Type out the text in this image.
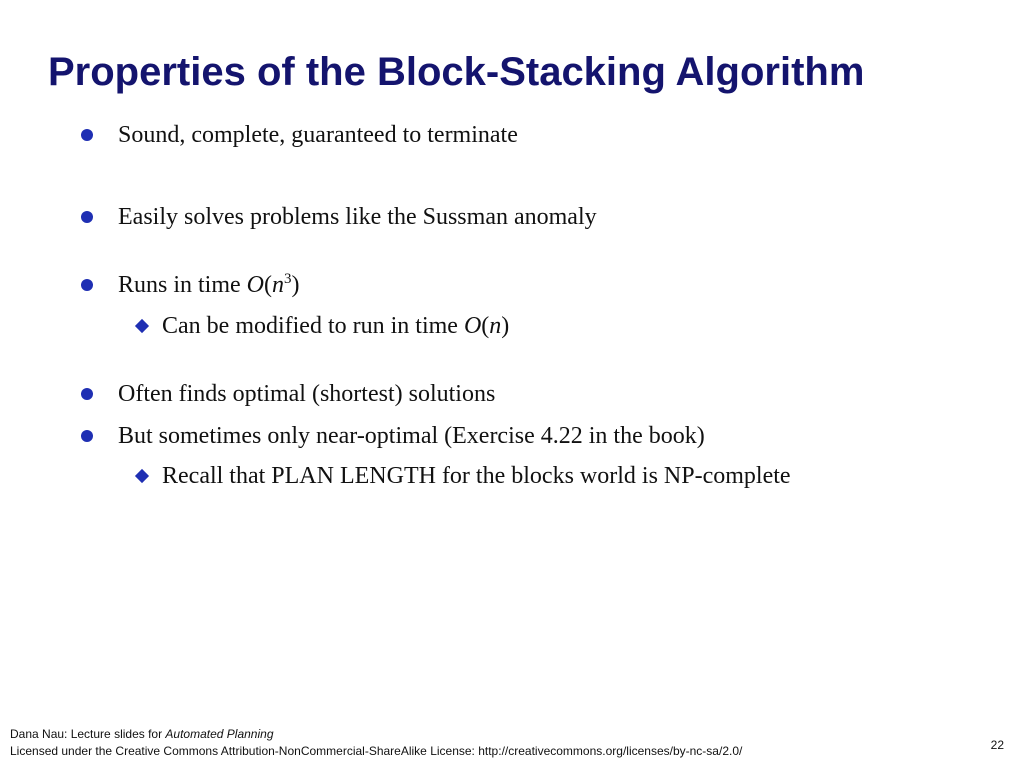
Properties of the Block-Stacking Algorithm
Sound, complete, guaranteed to terminate
Easily solves problems like the Sussman anomaly
Runs in time $O(n^3)$
Can be modified to run in time O(n)
Often finds optimal (shortest) solutions
But sometimes only near-optimal (Exercise 4.22 in the book)
Recall that PLAN LENGTH for the blocks world is NP-complete
Dana Nau: Lecture slides for Automated Planning
Licensed under the Creative Commons Attribution-NonCommercial-ShareAlike License: http://creativecommons.org/licenses/by-nc-sa/2.0/	22
